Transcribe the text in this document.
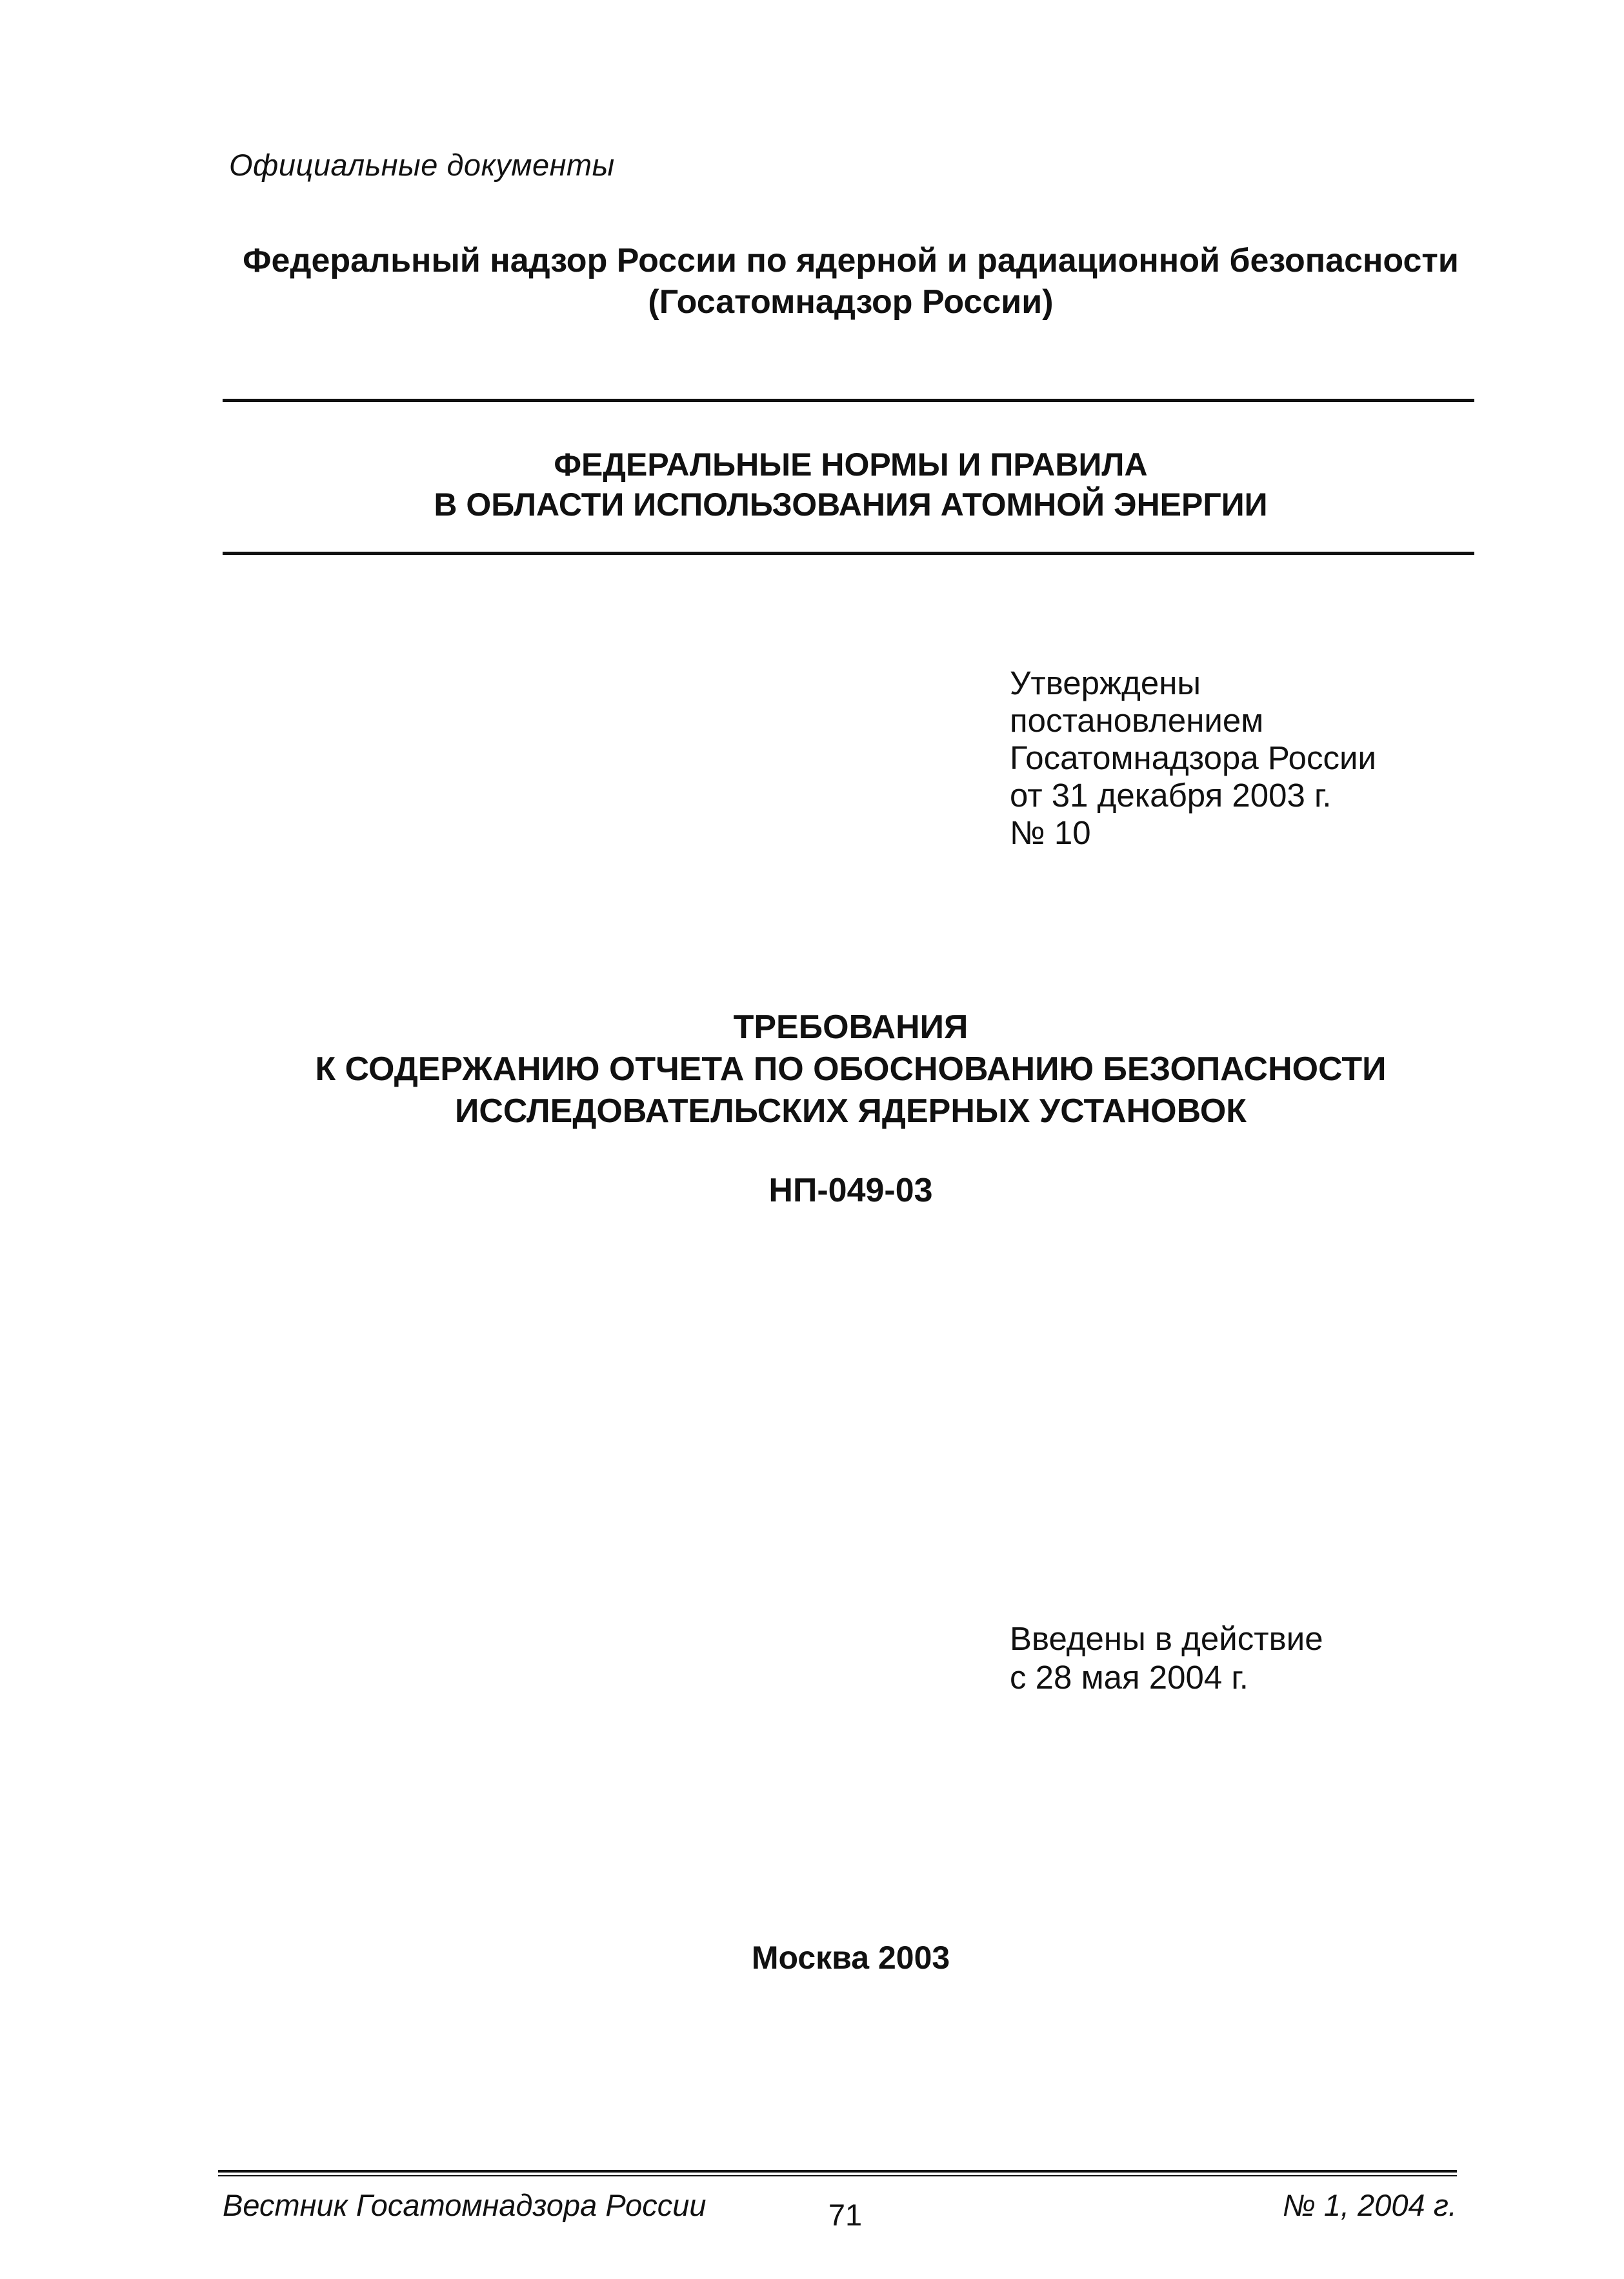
Официальные документы
Федеральный надзор России по ядерной и радиационной безопасности
(Госатомнадзор России)
ФЕДЕРАЛЬНЫЕ НОРМЫ И ПРАВИЛА
В ОБЛАСТИ ИСПОЛЬЗОВАНИЯ АТОМНОЙ ЭНЕРГИИ
Утверждены
постановлением
Госатомнадзора России
от 31 декабря 2003 г.
№ 10
ТРЕБОВАНИЯ
К СОДЕРЖАНИЮ ОТЧЕТА ПО ОБОСНОВАНИЮ БЕЗОПАСНОСТИ
ИССЛЕДОВАТЕЛЬСКИХ ЯДЕРНЫХ УСТАНОВОК
НП-049-03
Введены в действие
с 28 мая 2004 г.
Москва 2003
Вестник Госатомнадзора России	71	№ 1, 2004 г.
